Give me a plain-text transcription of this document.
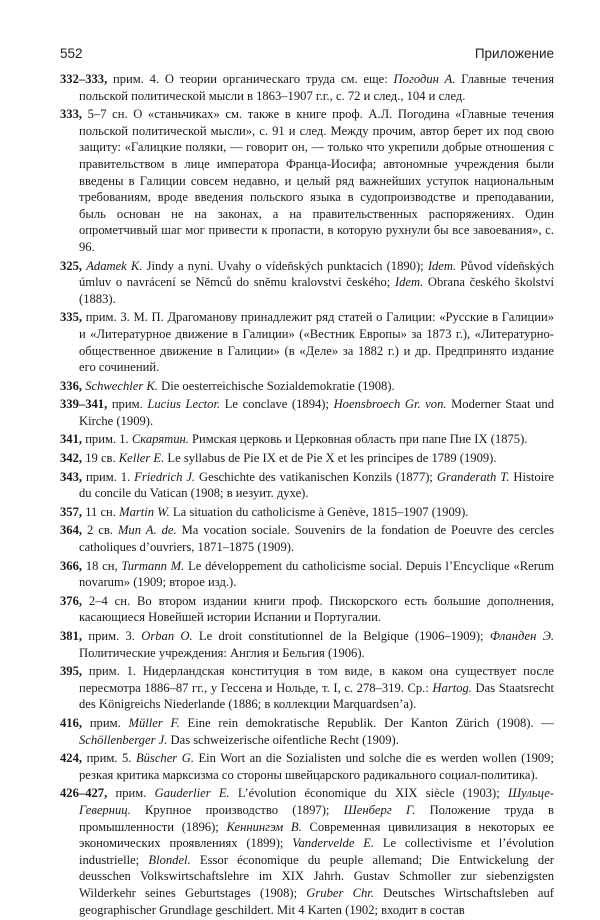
552	Приложение

332–333, прим. 4. О теории органическаго труда см. еще: Погодин А. Главные течения польской политической мысли в 1863–1907 г.г., с. 72 и след., 104 и след.

333, 5–7 сн. О «станьчиках» см. также в книге проф. А.Л. Погодина «Главные течения польской политической мысли», с. 91 и след. Между прочим, автор берет их под свою защиту: «Галицкие поляки, — говорит он, — только что укрепили добрые отношения с правительством в лице императора Франца-Иосифа; автономные учреждения были введены в Галиции совсем недавно, и целый ряд важнейших уступок национальным требованиям, вроде введения польского языка в судопроизводстве и преподавании, быль основан не на законах, а на правительственных распоряжениях. Один опрометчивый шаг мог привести к пропасти, в которую рухнули бы все завоевания», с. 96.

325, Adamek K. Jindy a nyni. Uvahy o vídeňských punktacich (1890); Idem. Původ vídeňských úmluv o navrácení se Němců do sněmu kralovstvi českého; Idem. Obrana českého školství (1883).

335, прим. 3. М. П. Драгоманову принадлежит ряд статей о Галиции: «Русские в Галиции» и «Литературное движение в Галиции» («Вестник Европы» за 1873 г.), «Литературно-общественное движение в Галиции» (в «Деле» за 1882 г.) и др. Предпринято издание его сочинений.

336, Schwechler K. Die oesterreichische Sozialdemokratie (1908).

339–341, прим. Lucius Lector. Le conclave (1894); Hoensbroech Gr. von. Moderner Staat und Kirche (1909).

341, прим. 1. Скарятин. Римская церковь и Церковная область при папе Пие IX (1875).

342, 19 св. Keller E. Le syllabus de Pie IX et de Pie X et les principes de 1789 (1909).

343, прим. 1. Friedrich J. Geschichte des vatikanischen Konzils (1877); Granderath T. Histoire du concile du Vatican (1908; в иезуит. духе).

357, 11 сн. Martin W. La situation du catholicisme à Genève, 1815–1907 (1909).

364, 2 св. Mun A. de. Ma vocation sociale. Souvenirs de la fondation de Poeuvre des cercles catholiques d’ouvriers, 1871–1875 (1909).

366, 18 сн, Turmann M. Le développement du catholicisme social. Depuis l’Encyclique «Rerum novarum» (1909; второе изд.).

376, 2–4 сн. Во втором издании книги проф. Пискорского есть большие дополнения, касающиеся Новейшей истории Испании и Португалии.

381, прим. 3. Orban O. Le droit constitutionnel de la Belgique (1906–1909); Фланден Э. Политические учреждения: Англия и Бельгия (1906).

395, прим. 1. Нидерландская конституция в том виде, в каком она существует после пересмотра 1886–87 гг., у Гессена и Нольде, т. I, с. 278–319. Ср.: Hartog. Das Staatsrecht des Königreichs Niederlande (1886; в коллекции Marquardsen’a).

416, прим. Müller F. Eine rein demokratische Republik. Der Kanton Zürich (1908). — Schöllenberger J. Das schweizerische oifentliche Recht (1909).

424, прим. 5. Büscher G. Ein Wort an die Sozialisten und solche die es werden wollen (1909; резкая критика марксизма со стороны швейцарского радикального социал-политика).

426–427, прим. Gauderlier E. L’évolution économique du XIX siècle (1903); Шульце-Геверниц. Крупное производство (1897); Шенберг Г. Положение труда в промышленности (1896); Кеннингэм В. Современная цивилизация в некоторых ее экономических проявлениях (1899); Vandervelde E. Le collectivisme et l’évolution industrielle; Blondel. Essor économique du peuple allemand; Die Entwickelung der deusschen Volkswirtschaftslehre im XIX Jahrh. Gustav Schmoller zur siebenzigsten Wilderkehr seines Geburtstages (1908); Gruber Chr. Deutsches Wirtschaftsleben auf geographischer Grundlage geschildert. Mit 4 Karten (1902; входит в состав
